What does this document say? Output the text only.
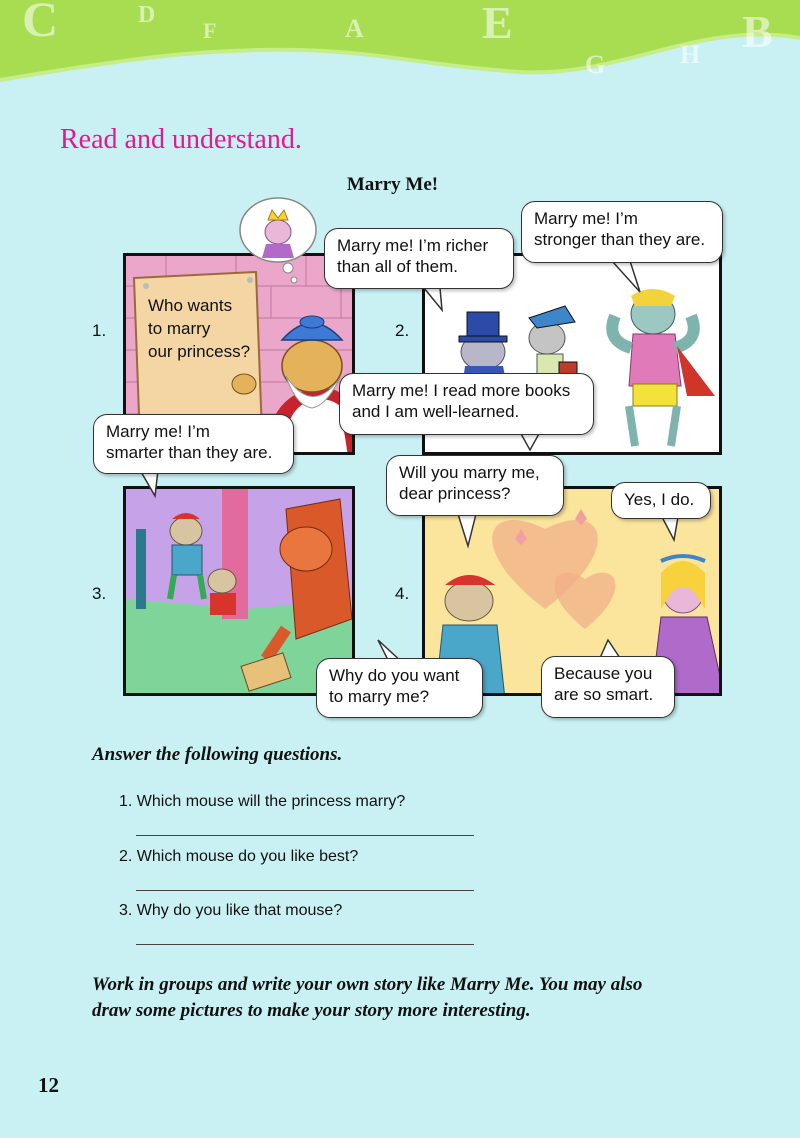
C	D
F	A	E
G	H B
Read and understand.
Marry Me!
1.
Who wants
to marry
our princess?
2.
3.	4.
Marry me! I’m richer
than all of them.
Marry me! I’m
stronger than they are.
Marry me! I read more books
and I am well-learned.
Marry me! I’m
smarter than they are.
Will you marry me,
dear princess?	Yes, I do.
Why do you want
to marry me?
Because you
are so smart.
Answer the following questions.
1. Which mouse will the princess marry?
2. Which mouse do you like best?
3. Why do you like that mouse?
Work in groups and write your own story like Marry Me. You may also
draw some pictures to make your story more interesting.
12
